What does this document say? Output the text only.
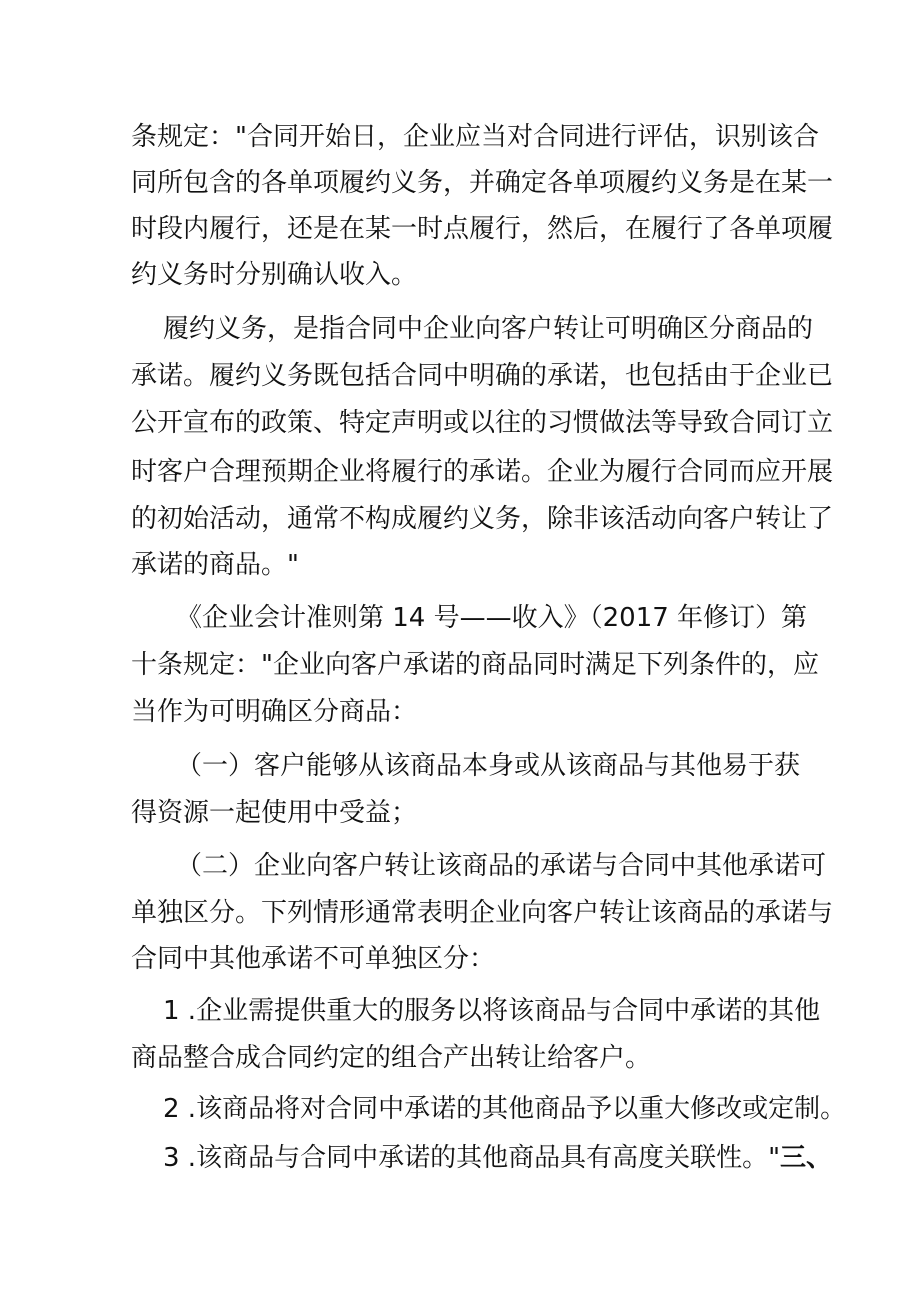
条规定："合同开始日，企业应当对合同进行评估，识别该合
同所包含的各单项履约义务，并确定各单项履约义务是在某一
时段内履行，还是在某一时点履行，然后，在履行了各单项履
约义务时分别确认收入。
履约义务，是指合同中企业向客户转让可明确区分商品的
承诺。履约义务既包括合同中明确的承诺，也包括由于企业已
公开宣布的政策、特定声明或以往的习惯做法等导致合同订立
时客户合理预期企业将履行的承诺。企业为履行合同而应开展
的初始活动，通常不构成履约义务，除非该活动向客户转让了
承诺的商品。"
《企业会计准则第 14 号——收入》（2017 年修订）第
十条规定："企业向客户承诺的商品同时满足下列条件的，应
当作为可明确区分商品：
（一）客户能够从该商品本身或从该商品与其他易于获
得资源一起使用中受益；
（二）企业向客户转让该商品的承诺与合同中其他承诺可
单独区分。下列情形通常表明企业向客户转让该商品的承诺与
合同中其他承诺不可单独区分：
1 .企业需提供重大的服务以将该商品与合同中承诺的其他
商品整合成合同约定的组合产出转让给客户。
2 .该商品将对合同中承诺的其他商品予以重大修改或定制。
3 .该商品与合同中承诺的其他商品具有高度关联性。"三、
